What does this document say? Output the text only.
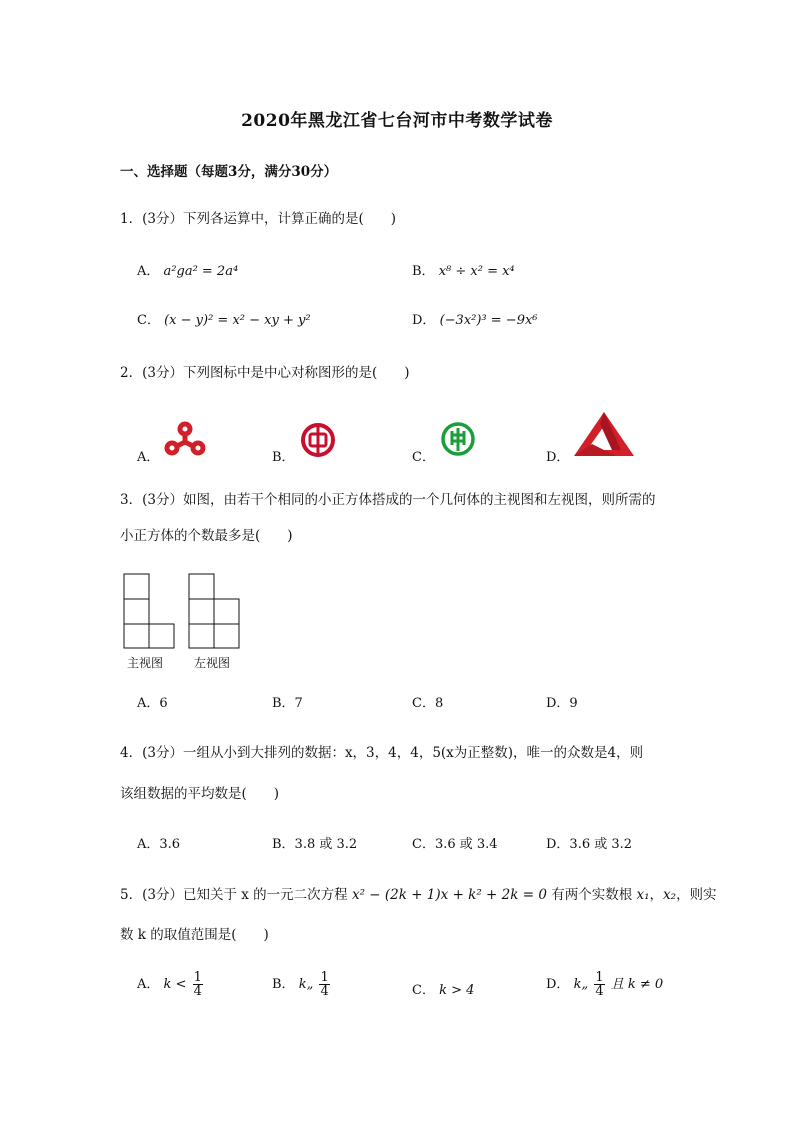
2020年黑龙江省七台河市中考数学试卷
一、选择题（每题3分，满分30分）
1．(3分）下列各运算中，计算正确的是(　　)
A． a²ga² = 2a⁴	B． x⁸ ÷ x² = x⁴
C． (x − y)² = x² − xy + y²	D． (−3x²)³ = −9x⁶
2．(3分）下列图标中是中心对称图形的是(　　)
A．	B．	C．	D．
3．(3分）如图，由若干个相同的小正方体搭成的一个几何体的主视图和左视图，则所需的
小正方体的个数最多是(　　)
主视图	左视图
A．6	B．7	C．8	D．9
4．(3分）一组从小到大排列的数据：x，3，4，4，5(x为正整数)，唯一的众数是4，则
该组数据的平均数是(　　)
A．3.6	B．3.8 或 3.2	C．3.6 或 3.4	D．3.6 或 3.2
5．(3分）已知关于 x 的一元二次方程 x² − (2k + 1)x + k² + 2k = 0 有两个实数根 x₁，x₂，则实
数 k 的取值范围是(　　)
A． $k < \frac{1}{4}$	B． k„ $\frac{1}{4}$	C． k > 4	D． k„ $\frac{1}{4}$ 且 k ≠ 0
